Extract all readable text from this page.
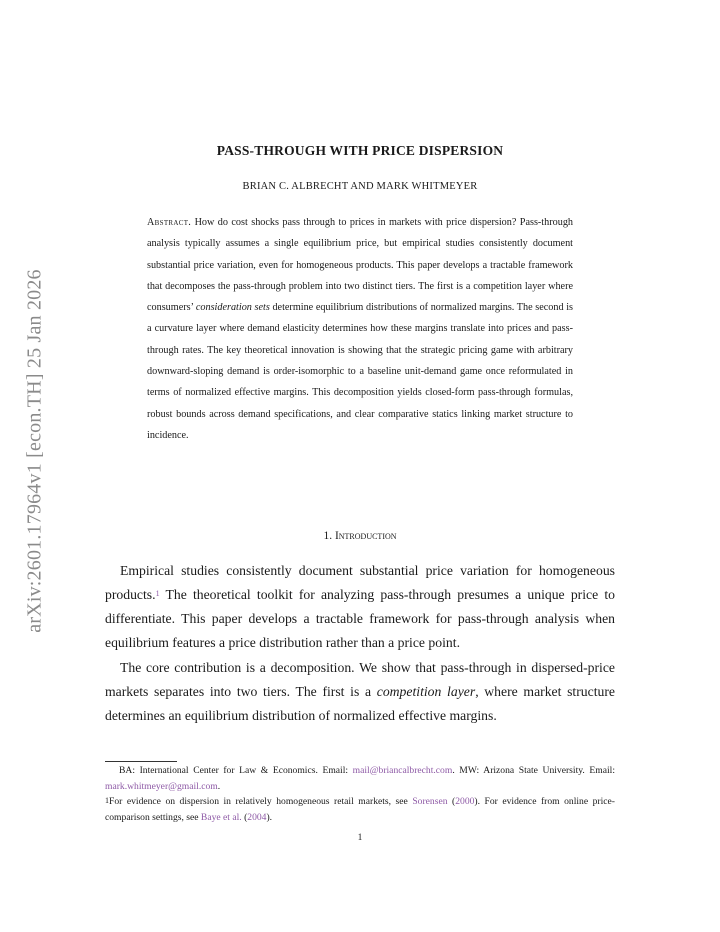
arXiv:2601.17964v1 [econ.TH] 25 Jan 2026
PASS-THROUGH WITH PRICE DISPERSION
BRIAN C. ALBRECHT AND MARK WHITMEYER
Abstract. How do cost shocks pass through to prices in markets with price dispersion? Pass-through analysis typically assumes a single equilibrium price, but empirical studies consistently document substantial price variation, even for homogeneous products. This paper develops a tractable framework that decomposes the pass-through problem into two distinct tiers. The first is a competition layer where consumers’ consideration sets determine equilibrium distributions of normalized margins. The second is a curvature layer where demand elasticity determines how these margins translate into prices and pass-through rates. The key theoretical innovation is showing that the strategic pricing game with arbitrary downward-sloping demand is order-isomorphic to a baseline unit-demand game once reformulated in terms of normalized effective margins. This decomposition yields closed-form pass-through formulas, robust bounds across demand specifications, and clear comparative statics linking market structure to incidence.
1. Introduction
Empirical studies consistently document substantial price variation for homogeneous products.$^1$ The theoretical toolkit for analyzing pass-through presumes a unique price to differentiate. This paper develops a tractable framework for pass-through analysis when equilibrium features a price distribution rather than a price point.
The core contribution is a decomposition. We show that pass-through in dispersed-price markets separates into two tiers. The first is a competition layer, where market structure determines an equilibrium distribution of normalized effective margins.
BA: International Center for Law & Economics. Email: mail@briancalbrecht.com. MW: Arizona State University. Email: mark.whitmeyer@gmail.com.
$^1$For evidence on dispersion in relatively homogeneous retail markets, see Sorensen (2000). For evidence from online price-comparison settings, see Baye et al. (2004).
1
